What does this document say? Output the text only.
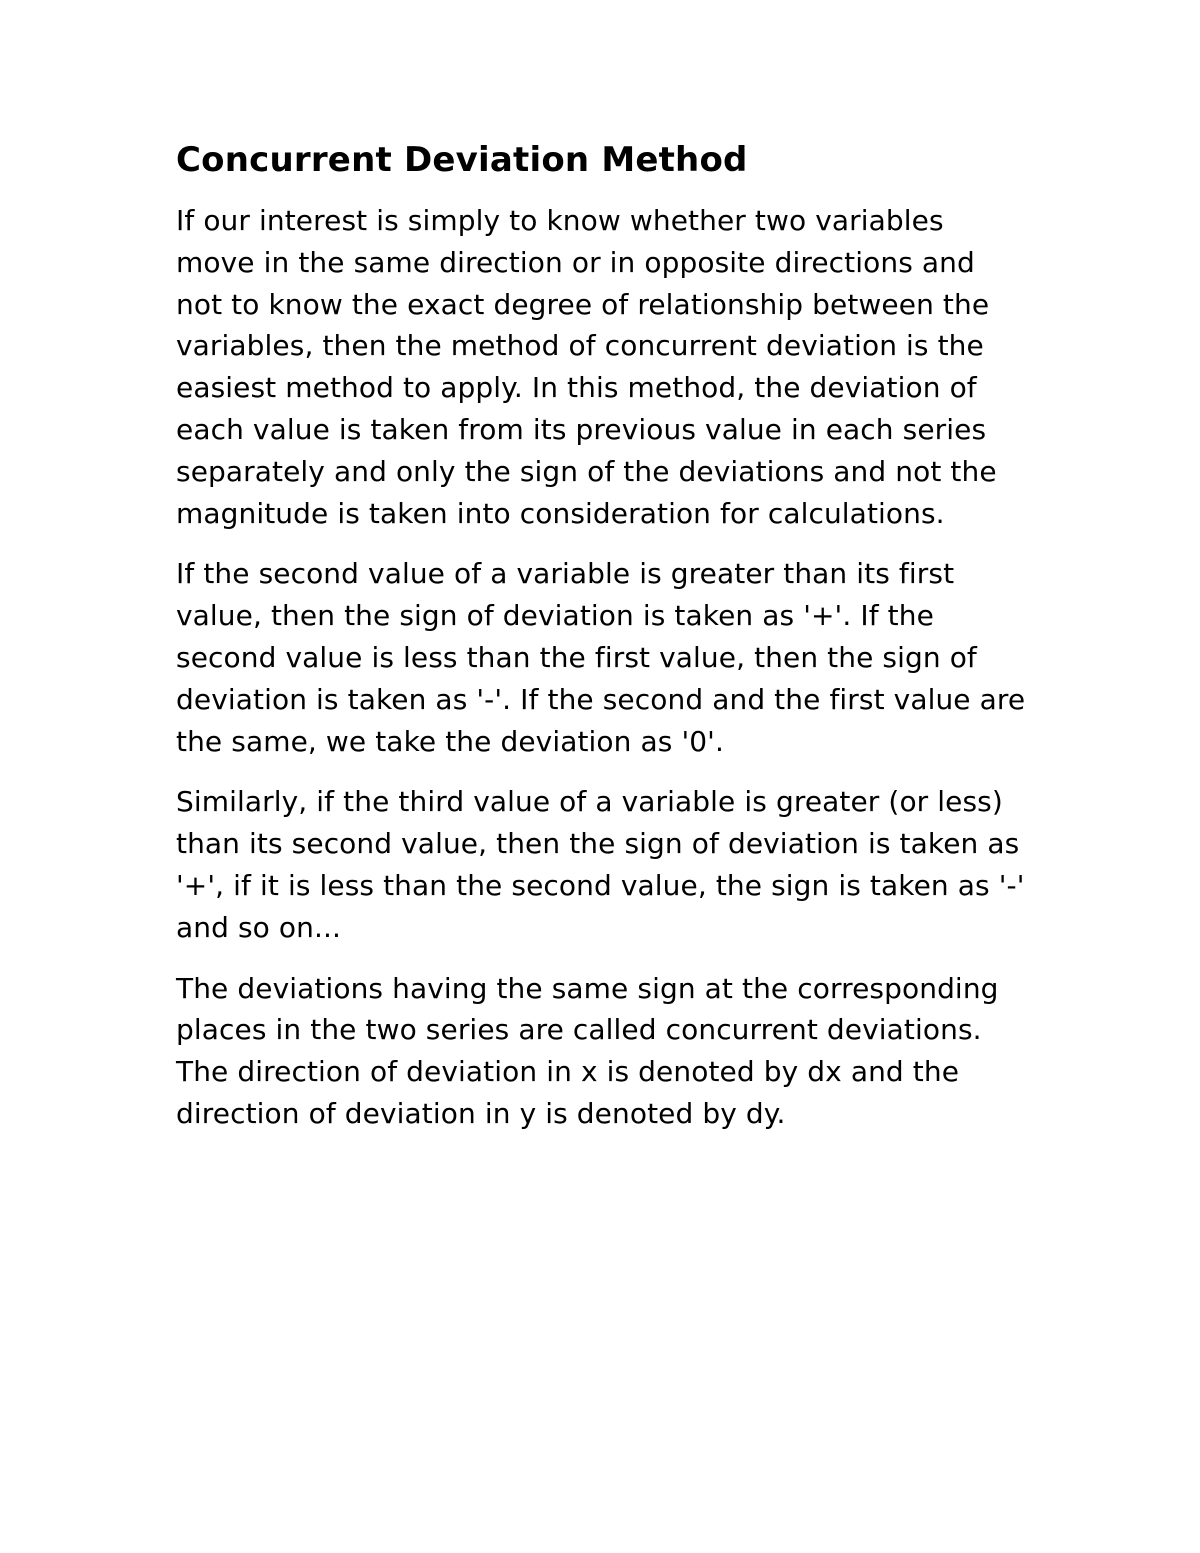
Concurrent Deviation Method

If our interest is simply to know whether two variables move in the same direction or in opposite directions and not to know the exact degree of relationship between the variables, then the method of concurrent deviation is the easiest method to apply. In this method, the deviation of each value is taken from its previous value in each series separately and only the sign of the deviations and not the magnitude is taken into consideration for calculations.

If the second value of a variable is greater than its first value, then the sign of deviation is taken as '+'. If the second value is less than the first value, then the sign of deviation is taken as '-'. If the second and the first value are the same, we take the deviation as '0'.

Similarly, if the third value of a variable is greater (or less) than its second value, then the sign of deviation is taken as '+', if it is less than the second value, the sign is taken as '-' and so on...

The deviations having the same sign at the corresponding places in the two series are called concurrent deviations. The direction of deviation in x is denoted by dx and the direction of deviation in y is denoted by dy.
